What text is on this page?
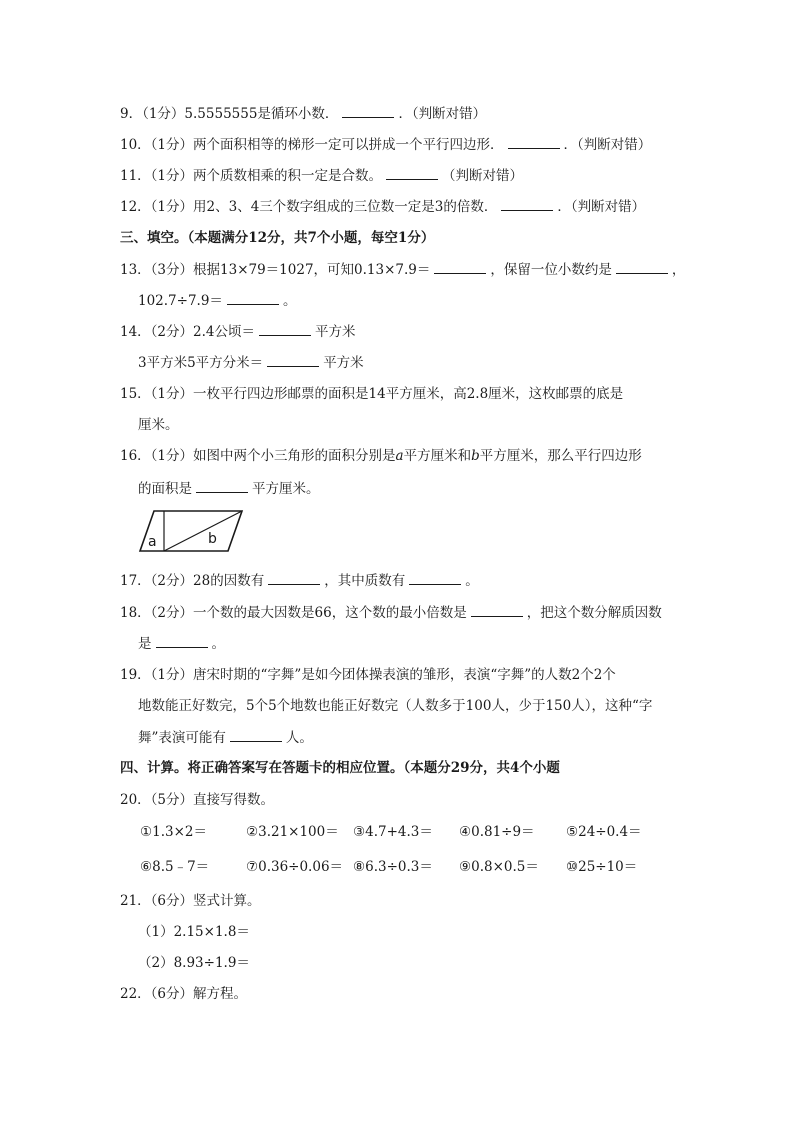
9．（1分）5.5555555是循环小数．	．（判断对错）
10．（1分）两个面积相等的梯形一定可以拼成一个平行四边形．	．（判断对错）
11．（1分）两个质数相乘的积一定是合数。	（判断对错）
12．（1分）用2、3、4三个数字组成的三位数一定是3的倍数．	．（判断对错）
三、填空。（本题满分12分，共7个小题，每空1分）
13．（3分）根据13×79＝1027，可知0.13×7.9＝	，保留一位小数约是	，
102.7÷7.9＝	。
14．（2分）2.4公顷＝	平方米
3平方米5平方分米＝	平方米
15．（1分）一枚平行四边形邮票的面积是14平方厘米，高2.8厘米，这枚邮票的底是
厘米。
16．（1分）如图中两个小三角形的面积分别是a平方厘米和b平方厘米，那么平行四边形
的面积是	平方厘米。
a	b
17．（2分）28的因数有	，其中质数有	。
18．（2分）一个数的最大因数是66，这个数的最小倍数是	，把这个数分解质因数
是	。
19．（1分）唐宋时期的“字舞”是如今团体操表演的雏形，表演“字舞”的人数2个2个
地数能正好数完，5个5个地数也能正好数完（人数多于100人，少于150人），这种“字
舞”表演可能有	人。
四、计算。将正确答案写在答题卡的相应位置。（本题分29分，共4个小题
20．（5分）直接写得数。
①1.3×2＝	②3.21×100＝ ③4.7+4.3＝ ④0.81÷9＝ ⑤24÷0.4＝
⑥8.5﹣7＝	⑦0.36÷0.06＝ ⑧6.3÷0.3＝ ⑨0.8×0.5＝ ⑩25÷10＝
21．（6分）竖式计算。
（1）2.15×1.8＝
（2）8.93÷1.9＝
22．（6分）解方程。
